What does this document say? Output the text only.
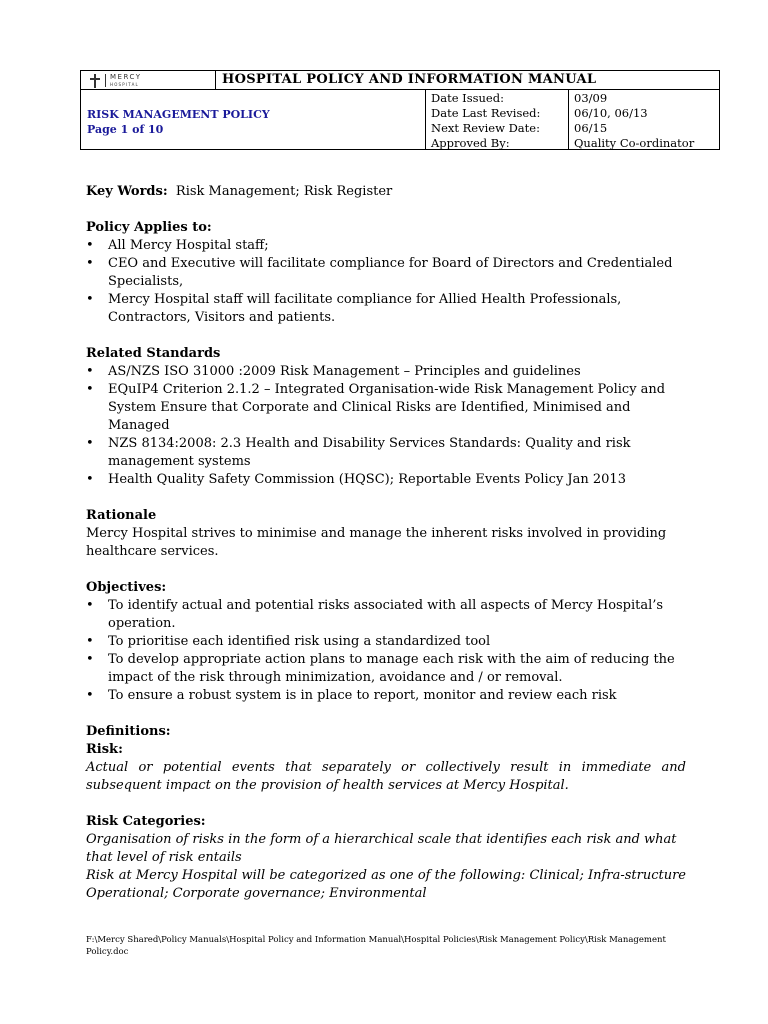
MERCY
HOSPITAL	HOSPITAL POLICY AND INFORMATION MANUAL
RISK MANAGEMENT POLICY
Page 1 of 10
Date Issued:
Date Last Revised:
Next Review Date:
Approved By:
03/09
06/10, 06/13
06/15
Quality Co-ordinator

Key Words: Risk Management; Risk Register

Policy Applies to:

• All Mercy Hospital staff;
• CEO and Executive will facilitate compliance for Board of Directors and Credentialed Specialists,
• Mercy Hospital staff will facilitate compliance for Allied Health Professionals, Contractors, Visitors and patients.

Related Standards

• AS/NZS ISO 31000 :2009 Risk Management – Principles and guidelines
• EQuIP4 Criterion 2.1.2 – Integrated Organisation-wide Risk Management Policy and System Ensure that Corporate and Clinical Risks are Identified, Minimised and Managed
• NZS 8134:2008: 2.3 Health and Disability Services Standards: Quality and risk management systems
• Health Quality Safety Commission (HQSC); Reportable Events Policy Jan 2013

Rationale

Mercy Hospital strives to minimise and manage the inherent risks involved in providing healthcare services.

Objectives:

• To identify actual and potential risks associated with all aspects of Mercy Hospital’s operation.
• To prioritise each identified risk using a standardized tool
• To develop appropriate action plans to manage each risk with the aim of reducing the impact of the risk through minimization, avoidance and / or removal.
• To ensure a robust system is in place to report, monitor and review each risk

Definitions:

Risk:

Actual or potential events that separately or collectively result in immediate and subsequent impact on the provision of health services at Mercy Hospital.

Risk Categories:

Organisation of risks in the form of a hierarchical scale that identifies each risk and what that level of risk entails

Risk at Mercy Hospital will be categorized as one of the following: Clinical; Infra-structure Operational; Corporate governance; Environmental

F:\Mercy Shared\Policy Manuals\Hospital Policy and Information Manual\Hospital Policies\Risk Management Policy\Risk Management Policy.doc
